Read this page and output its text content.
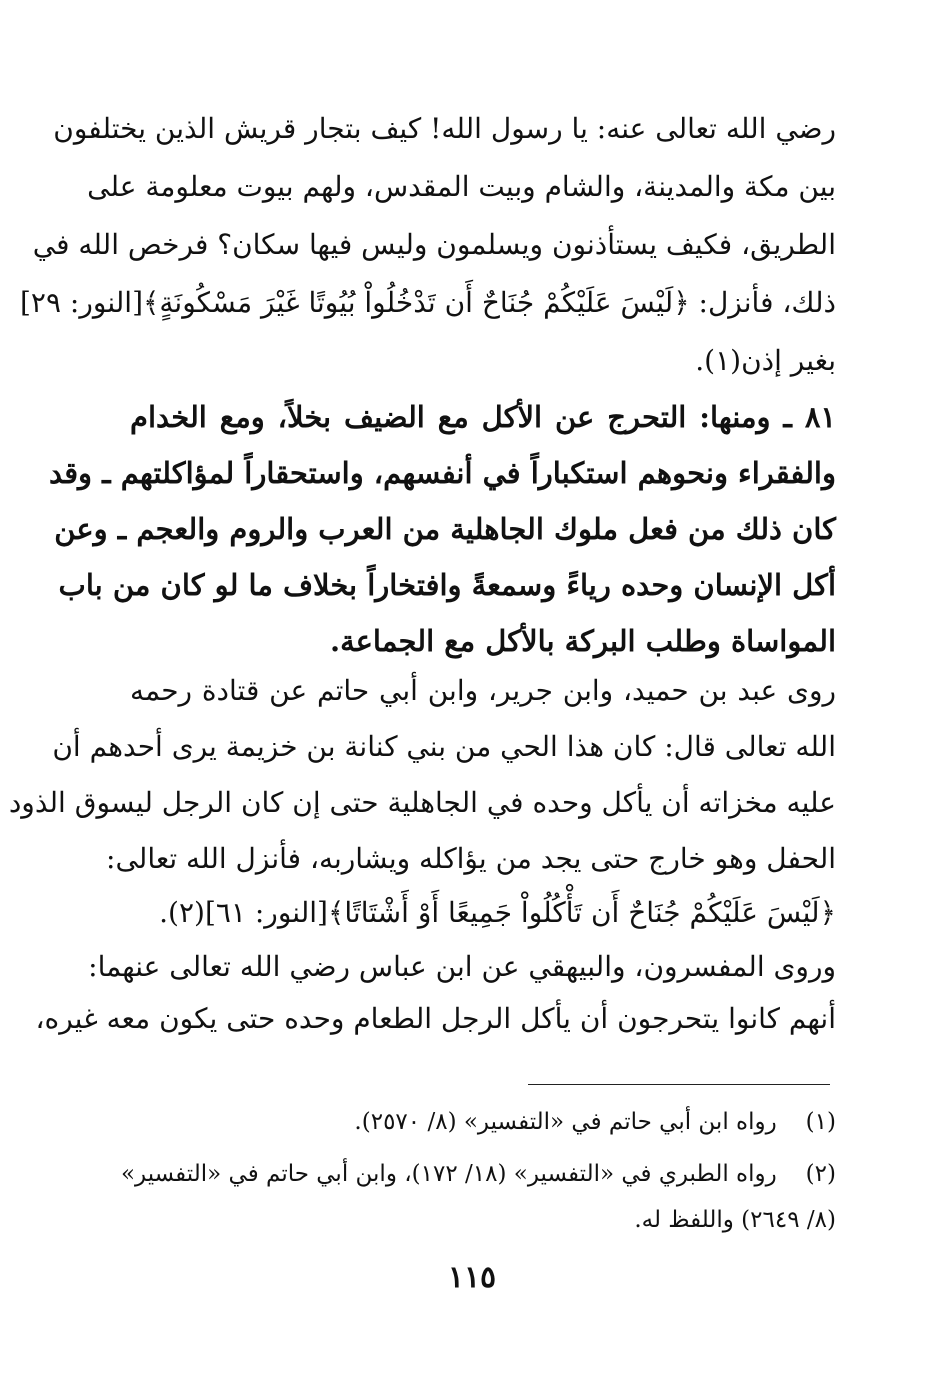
رضي الله تعالى عنه: يا رسول الله! كيف بتجار قريش الذين يختلفون
بين مكة والمدينة، والشام وبيت المقدس، ولهم بيوت معلومة على
الطريق، فكيف يستأذنون ويسلمون وليس فيها سكان؟ فرخص الله في
ذلك، فأنزل: ﴿لَيْسَ عَلَيْكُمْ جُنَاحٌ أَن تَدْخُلُواْ بُيُوتًا غَيْرَ مَسْكُونَةٍ﴾[النور: ٢٩]
بغير إذن(١).
٨١ ـ ومنها: التحرج عن الأكل مع الضيف بخلاً، ومع الخدام
والفقراء ونحوهم استكباراً في أنفسهم، واستحقاراً لمؤاكلتهم ـ وقد
كان ذلك من فعل ملوك الجاهلية من العرب والروم والعجم ـ وعن
أكل الإنسان وحده رياءً وسمعةً وافتخاراً بخلاف ما لو كان من باب
المواساة وطلب البركة بالأكل مع الجماعة.
روى عبد بن حميد، وابن جرير، وابن أبي حاتم عن قتادة رحمه
الله تعالى قال: كان هذا الحي من بني كنانة بن خزيمة يرى أحدهم أن
عليه مخزاته أن يأكل وحده في الجاهلية حتى إن كان الرجل ليسوق الذود
الحفل وهو خارج حتى يجد من يؤاكله ويشاربه، فأنزل الله تعالى:
﴿لَيْسَ عَلَيْكُمْ جُنَاحٌ أَن تَأْكُلُواْ جَمِيعًا أَوْ أَشْتَاتًا﴾[النور: ٦١](٢).
وروى المفسرون، والبيهقي عن ابن عباس رضي الله تعالى عنهما:
أنهم كانوا يتحرجون أن يأكل الرجل الطعام وحده حتى يكون معه غيره،
(١) رواه ابن أبي حاتم في «التفسير» (٨/ ٢٥٧٠).
(٢) رواه الطبري في «التفسير» (١٨/ ١٧٢)، وابن أبي حاتم في «التفسير»
(٨/ ٢٦٤٩) واللفظ له.
١١٥
